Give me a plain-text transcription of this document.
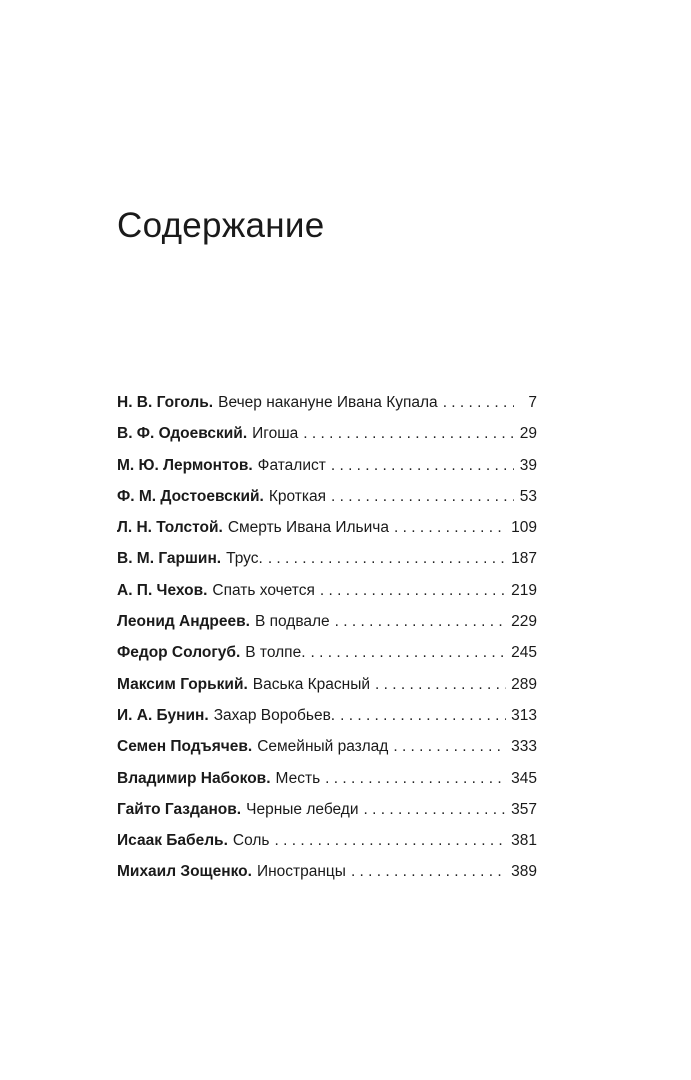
Содержание
Н. В. Гоголь. Вечер накануне Ивана Купала . . .	7
В. Ф. Одоевский. Игоша . . .	29
М. Ю. Лермонтов. Фаталист . . .	39
Ф. М. Достоевский. Кроткая . . .	53
Л. Н. Толстой. Смерть Ивана Ильича . . .	109
В. М. Гаршин. Трус. . . .	187
А. П. Чехов. Спать хочется . . .	219
Леонид Андреев. В подвале . . .	229
Федор Сологуб. В толпе. . . .	245
Максим Горький. Васька Красный . . .	289
И. А. Бунин. Захар Воробьев. . . .	313
Семен Подъячев. Семейный разлад . . .	333
Владимир Набоков. Месть . . .	345
Гайто Газданов. Черные лебеди . . .	357
Исаак Бабель. Соль . . .	381
Михаил Зощенко. Иностранцы . . .	389
